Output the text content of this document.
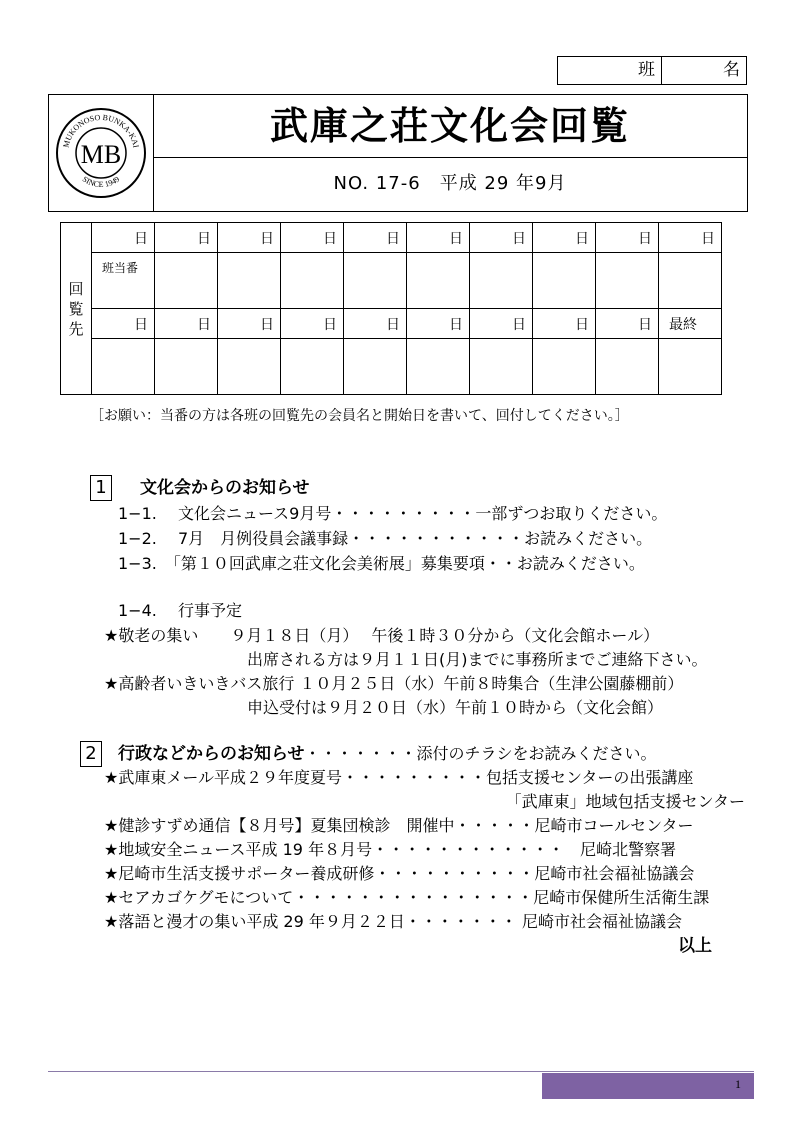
班	名
MUKONOSO BUNKA-KAI
SINCE 1949
MB
武庫之荘文化会回覧
NO. 17-6　平成 29 年9月
回
覧
先	日	日	日	日	日	日	日	日	日	日

	班当番									

	日	日	日	日	日	日	日	日	日	最終

［お願い：当番の方は各班の回覧先の会員名と開始日を書いて、回付してください。］
1	文化会からのお知らせ
1−1.　 文化会ニュース9月号・・・・・・・・・一部ずつお取りください。
1−2.　 7月　月例役員会議事録・・・・・・・・・・・お読みください。
1−3.　「第１０回武庫之荘文化会美術展」募集要項・・お読みください。
1−4.　 行事予定
★敬老の集い　　９月１８日（月）　 午後１時３０分から（文化会館ホール）
出席される方は９月１１日(月)までに事務所までご連絡下さい。
★高齢者いきいきバス旅行 １０月２５日（水）午前８時集合（生津公園藤棚前）
申込受付は９月２０日（水）午前１０時から（文化会館）
2	行政などからのお知らせ・・・・・・・添付のチラシをお読みください。
★武庫東メール平成２９年度夏号・・・・・・・・・包括支援センターの出張講座
「武庫東」地域包括支援センター
★健診すずめ通信【８月号】夏集団検診　開催中・・・・・尼崎市コールセンター
★地域安全ニュース平成 19 年８月号・・・・・・・・・・・・　尼崎北警察署
★尼崎市生活支援サポーター養成研修・・・・・・・・・・尼崎市社会福祉協議会
★セアカゴケグモについて・・・・・・・・・・・・・・・尼崎市保健所生活衛生課
★落語と漫才の集い平成 29 年９月２２日・・・・・・・ 尼崎市社会福祉協議会
以上
1
